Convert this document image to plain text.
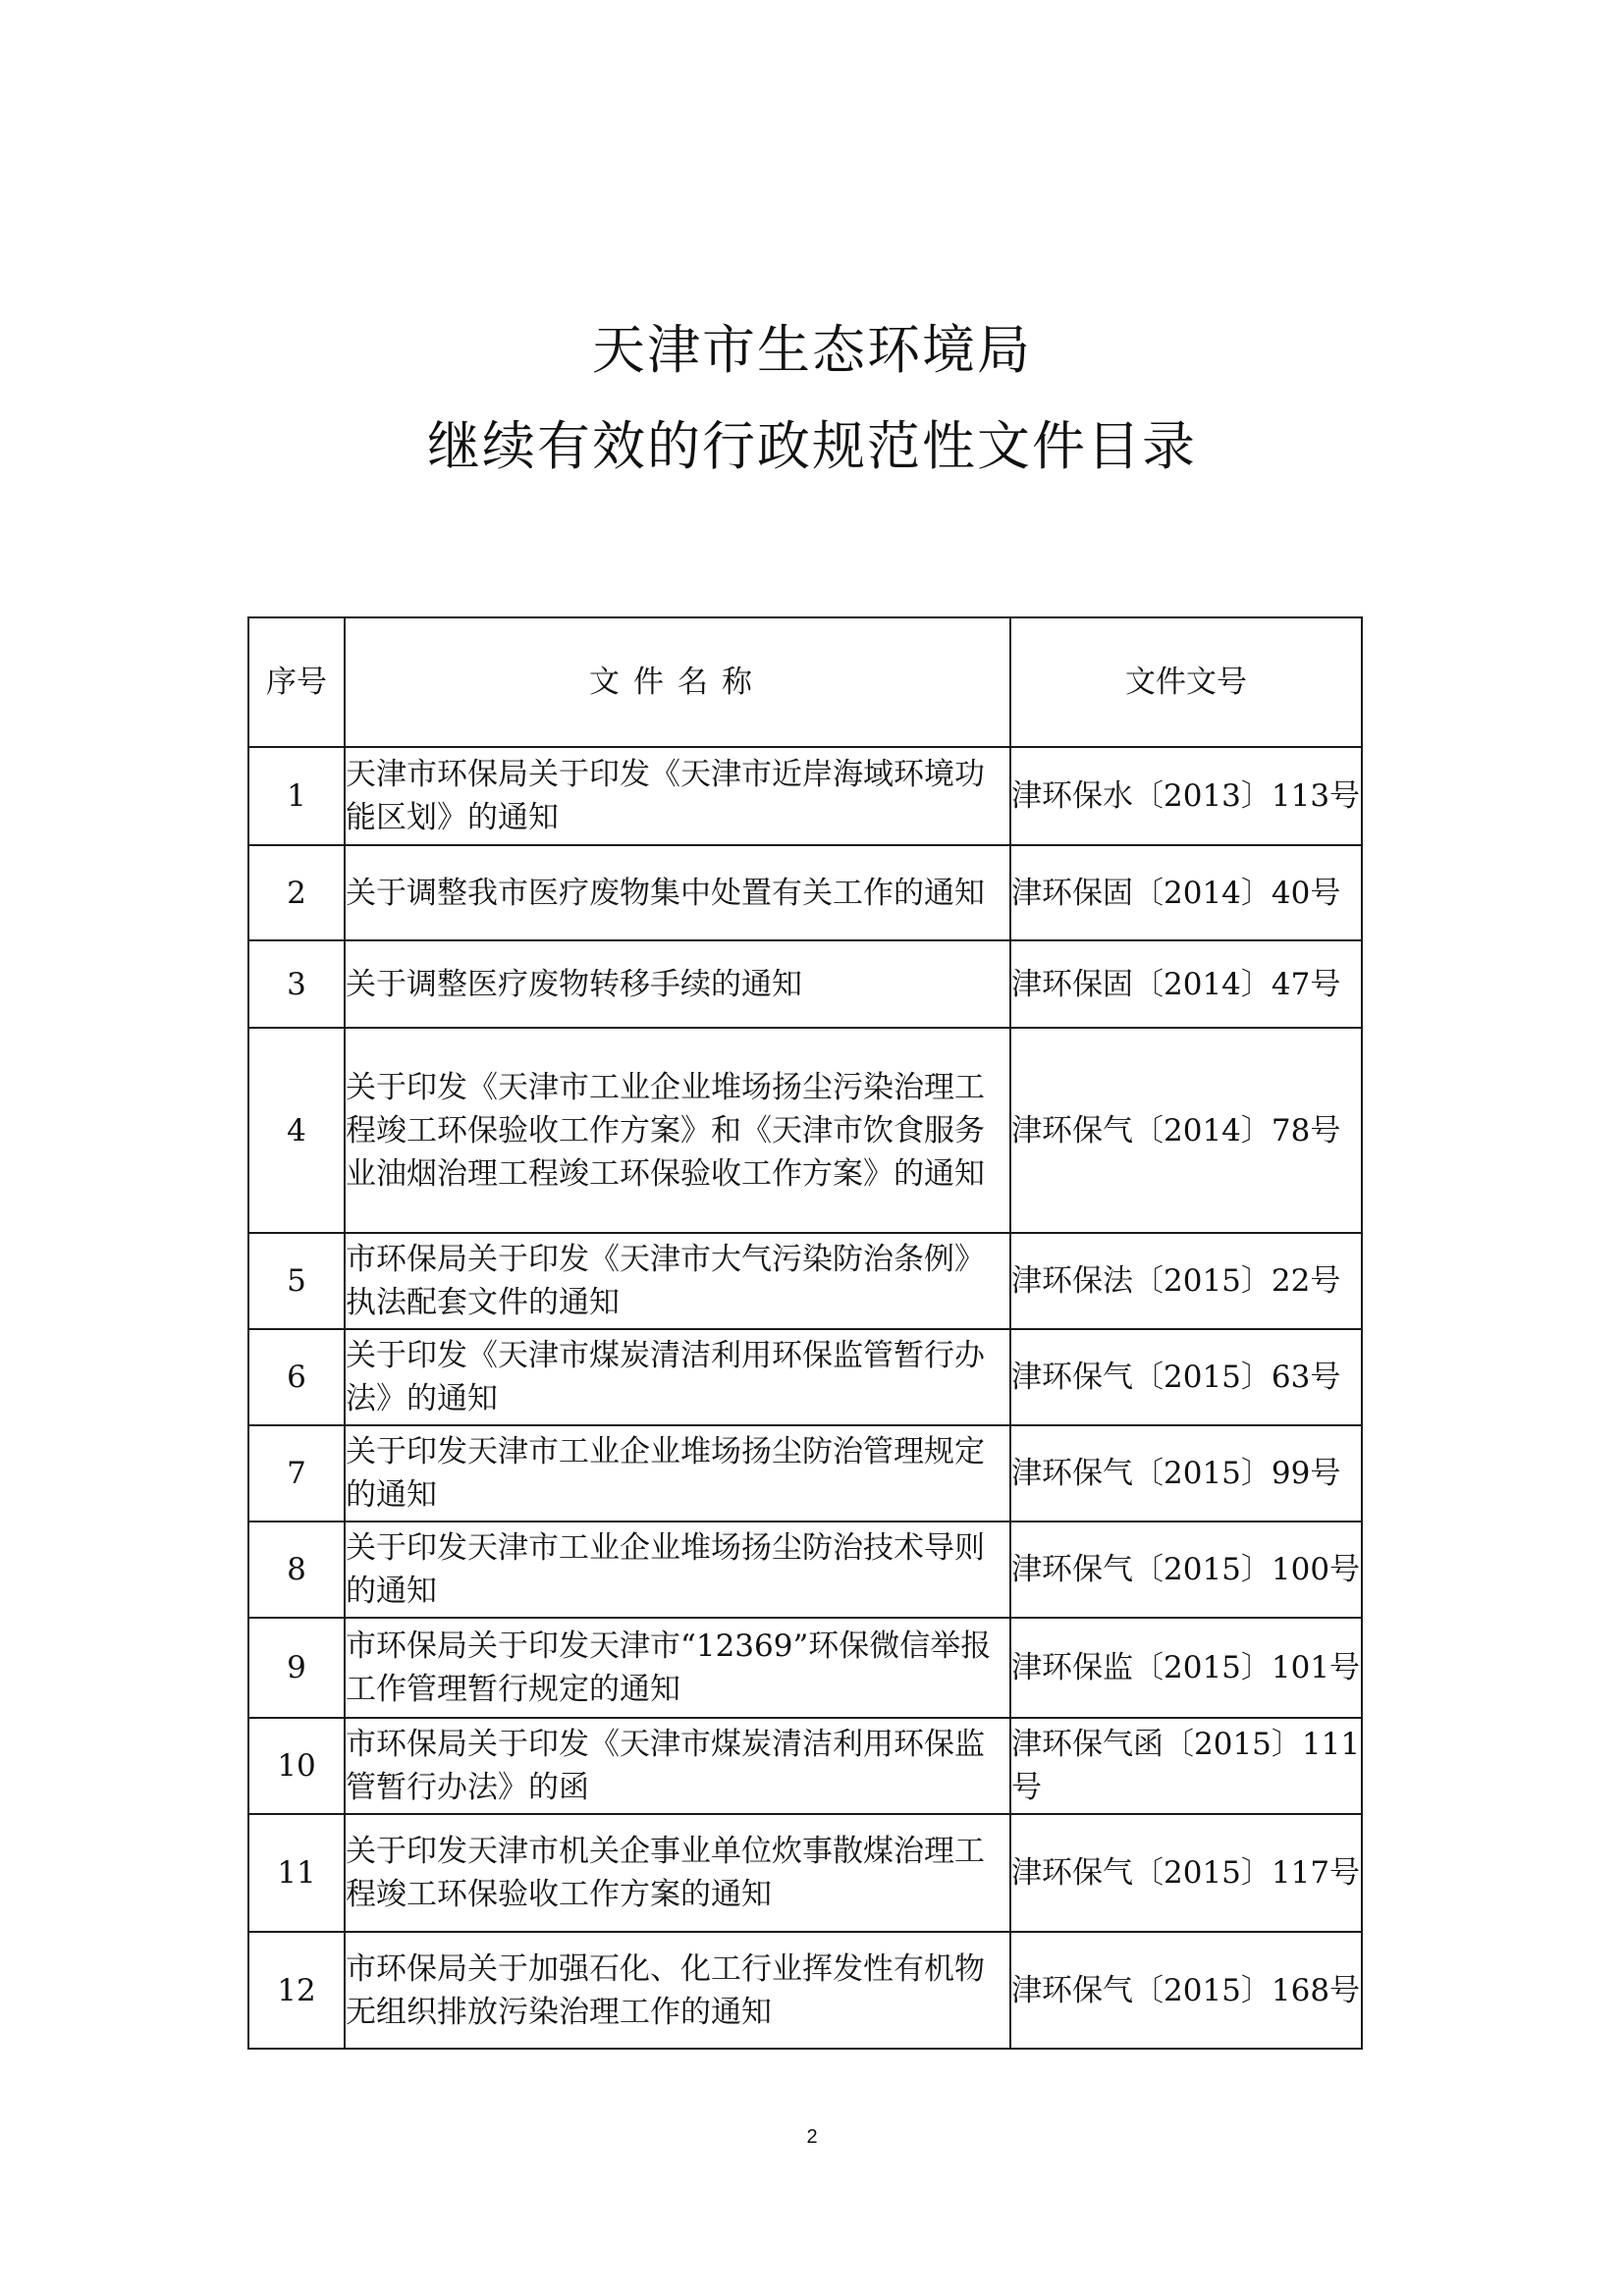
天津市生态环境局
继续有效的行政规范性文件目录
序号	文件名称	文件文号
1	天津市环保局关于印发《天津市近岸海域环境功能区划》的通知	津环保水〔2013〕113号
2	关于调整我市医疗废物集中处置有关工作的通知	津环保固〔2014〕40号
3	关于调整医疗废物转移手续的通知	津环保固〔2014〕47号
4	关于印发《天津市工业企业堆场扬尘污染治理工程竣工环保验收工作方案》和《天津市饮食服务业油烟治理工程竣工环保验收工作方案》的通知	津环保气〔2014〕78号
5	市环保局关于印发《天津市大气污染防治条例》执法配套文件的通知	津环保法〔2015〕22号
6	关于印发《天津市煤炭清洁利用环保监管暂行办法》的通知	津环保气〔2015〕63号
7	关于印发天津市工业企业堆场扬尘防治管理规定的通知	津环保气〔2015〕99号
8	关于印发天津市工业企业堆场扬尘防治技术导则的通知	津环保气〔2015〕100号
9	市环保局关于印发天津市“12369”环保微信举报工作管理暂行规定的通知	津环保监〔2015〕101号
10	市环保局关于印发《天津市煤炭清洁利用环保监管暂行办法》的函	津环保气函〔2015〕111号
11	关于印发天津市机关企事业单位炊事散煤治理工程竣工环保验收工作方案的通知	津环保气〔2015〕117号
12	市环保局关于加强石化、化工行业挥发性有机物无组织排放污染治理工作的通知	津环保气〔2015〕168号
2
